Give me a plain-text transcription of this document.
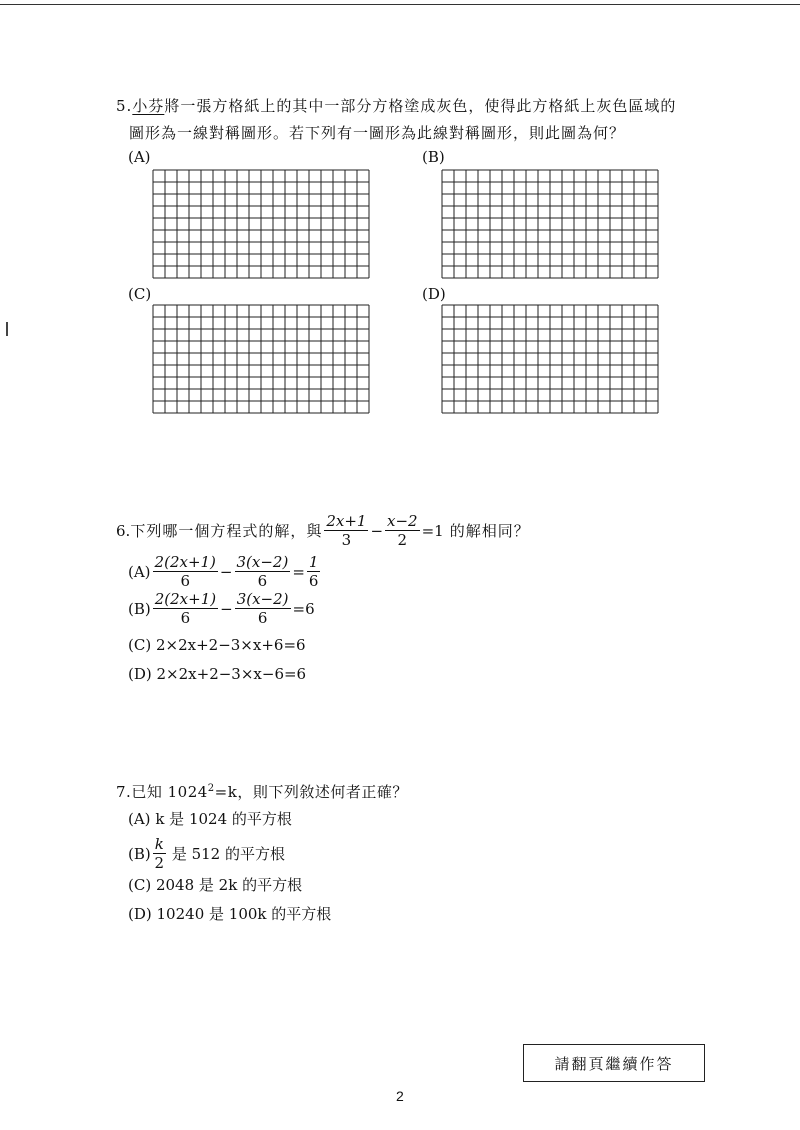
5.小芬將一張方格紙上的其中一部分方格塗成灰色，使得此方格紙上灰色區域的
圖形為一線對稱圖形。若下列有一圖形為此線對稱圖形，則此圖為何？
(A)	(B)
(C)	(D)
6. 下列哪一個方程式的解，與 $\frac{2x+1}{3} - \frac{x-2}{2} =1$ 的解相同？
$(A) \frac{2(2x+1)}{6} - \frac{3(x-2)}{6} = \frac{1}{6}$
$(B) \frac{2(2x+1)}{6} - \frac{3(x-2)}{6} =6$
(C) 2×2x+2−3×x+6=6
(D) 2×2x+2−3×x−6=6
7.已知 $1024^2=k$，則下列敘述何者正確？
(A) k 是 1024 的平方根
$(B) \frac{k}{2}$ 是 512 的平方根
(C) 2048 是 2k 的平方根
(D) 10240 是 100k 的平方根
請翻頁繼續作答
2
